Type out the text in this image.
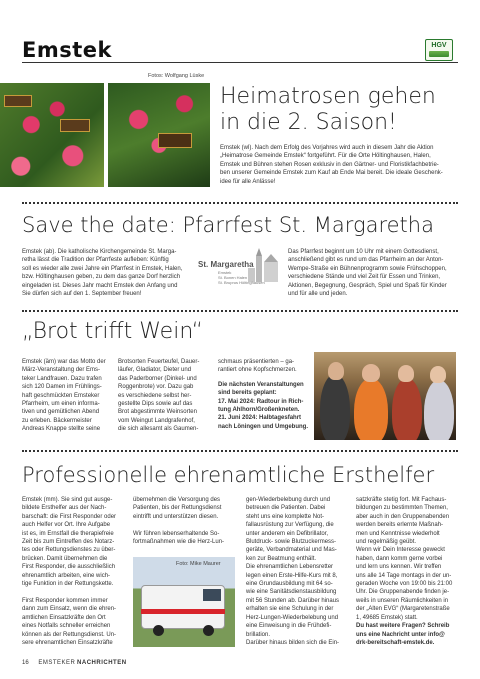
Emstek	HGV
Fotos: Wolfgang Lüske
Heimatrosen gehen
in die 2. Saison!
Emstek (wl). Nach dem Erfolg des Vorjahres wird auch in diesem Jahr die Aktion
„Heimatrose Gemeinde Emstek“ fortgeführt. Für die Orte Höltinghausen, Halen,
Emstek und Bühren stehen Rosen exklusiv in den Gärtner- und Floristikfachbetrie-
ben unserer Gemeinde Emstek zum Kauf ab Ende Mai bereit. Die ideale Geschenk-
idee für alle Anlässe!
Save the date: Pfarrfest St. Margaretha
Emstek (ab). Die katholische Kirchengemeinde St. Marga-
retha lässt die Tradition der Pfarrfeste aufleben: Künftig
soll es wieder alle zwei Jahre ein Pfarrfest in Emstek, Halen,
bzw. Höltinghausen geben, zu dem das ganze Dorf herzlich
eingeladen ist. Dieses Jahr macht Emstek den Anfang und
Sie dürfen sich auf den 1. September freuen!
St. Margaretha
Emstek
St. Bonen Halen
St. Bruprus Höltinghausen
Das Pfarrfest beginnt um 10 Uhr mit einem Gottesdienst,
anschließend gibt es rund um das Pfarrheim an der Anton-
Wempe-Straße ein Bühnenprogramm sowie Frühschoppen,
verschiedene Stände und viel Zeit für Essen und Trinken,
Aktionen, Begegnung, Gespräch, Spiel und Spaß für Kinder
und für alle und jeden.
„Brot trifft Wein“
Emstek (äm) war das Motto der
März-Veranstaltung der Ems-
teker Landfrauen. Dazu trafen
sich 120 Damen im Frühlings-
haft geschmückten Emsteker
Pfarrheim, um einen informa-
tiven und gemütlichen Abend
zu erleben. Bäckermeister
Andreas Knappe stellte seine
Brotsorten Feuerteufel, Dauer-
läufer, Gladiator, Dieter und
das Paderborner (Dinkel- und
Roggenbrote) vor. Dazu gab
es verschiedene selbst her-
gestellte Dips sowie auf das
Brot abgestimmte Weinsorten
vom Weingut Landgrafenhof,
die sich allesamt als Gaumen-
schmaus präsentierten – ga-
rantiert ohne Kopfschmerzen.
Die nächsten Veranstaltungen
sind bereits geplant:
17. Mai 2024: Radtour in Rich-
tung Ahlhorn/Großenkneten.
21. Juni 2024: Halbtagesfahrt
nach Löningen und Umgebung.
Professionelle ehrenamtliche Ersthelfer
Emstek (mm). Sie sind gut ausge-
bildete Ersthelfer aus der Nach-
barschaft: die First Responder oder
auch Helfer vor Ort. Ihre Aufgabe
ist es, im Ernstfall die therapiefreie
Zeit bis zum Eintreffen des Notarz-
tes oder Rettungsdienstes zu über-
brücken. Damit übernehmen die
First Responder, die ausschließlich
ehrenamtlich arbeiten, eine wich-
tige Funktion in der Rettungskette.

First Responder kommen immer
dann zum Einsatz, wenn die ehren-
amtlichen Einsatzkräfte den Ort
eines Notfalls schneller erreichen
können als der Rettungsdienst. Un-
sere ehrenamtlichen Einsatzkräfte
übernehmen die Versorgung des
Patienten, bis der Rettungsdienst
eintrifft und unterstützen diesen.

Wir führen lebenserhaltende So-
fortmaßnahmen wie die Herz-Lun-
Foto: Mike Maurer
gen-Wiederbelebung durch und
betreuen die Patienten. Dabei
steht uns eine komplette Not-
fallausrüstung zur Verfügung, die
unter anderem ein Defibrillator,
Blutdruck- sowie Blutzuckermess-
geräte, Verbandmaterial und Mas-
ken zur Beatmung enthält.
Die ehrenamtlichen Lebensretter
legen einen Erste-Hilfe-Kurs mit 8,
eine Grundausbildung mit 64 so-
wie eine Sanitätsdienstausbildung
mit 56 Stunden ab. Darüber hinaus
erhalten sie eine Schulung in der
Herz-Lungen-Wiederbelebung und
eine Einweisung in die Frühdefi-
brillation.
Darüber hinaus bilden sich die Ein-
satzkräfte stetig fort. Mit Fachaus-
bildungen zu bestimmten Themen,
aber auch in den Gruppenabenden
werden bereits erlernte Maßnah-
men und Kenntnisse wiederholt
und regelmäßig geübt.
Wenn wir Dein Interesse geweckt
haben, dann komm gerne vorbei
und lern uns kennen. Wir treffen
uns alle 14 Tage montags in der un-
geraden Woche von 19:00 bis 21:00
Uhr. Die Gruppenabende finden je-
weils in unseren Räumlichkeiten in
der „Alten EVG“ (Margaretenstraße
1, 49685 Emstek) statt.
Du hast weitere Fragen? Schreib
uns eine Nachricht unter info@
drk-bereitschaft-emstek.de.
16 EMSTEKER NACHRICHTEN
